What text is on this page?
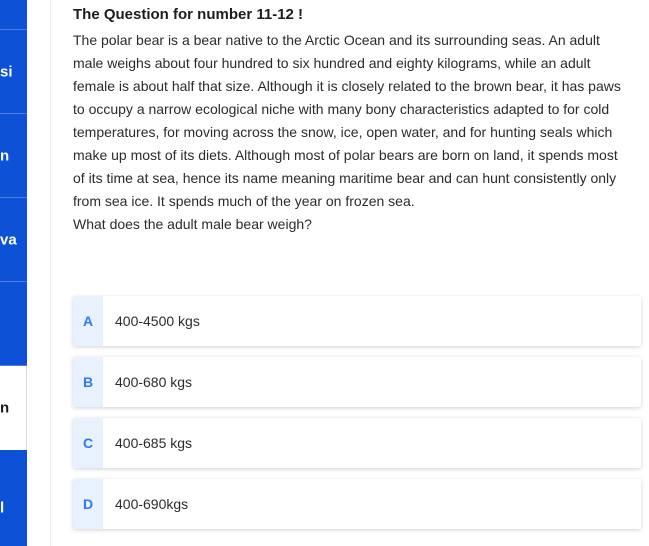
si
n
va
n
l
The Question for number 11-12 !
The polar bear is a bear native to the Arctic Ocean and its surrounding seas. An adult
male weighs about four hundred to six hundred and eighty kilograms, while an adult
female is about half that size. Although it is closely related to the brown bear, it has paws
to occupy a narrow ecological niche with many bony characteristics adapted to for cold
temperatures, for moving across the snow, ice, open water, and for hunting seals which
make up most of its diets. Although most of polar bears are born on land, it spends most
of its time at sea, hence its name meaning maritime bear and can hunt consistently only
from sea ice. It spends much of the year on frozen sea.
What does the adult male bear weigh?
A	400-4500 kgs
B	400-680 kgs
C	400-685 kgs
D	400-690kgs
